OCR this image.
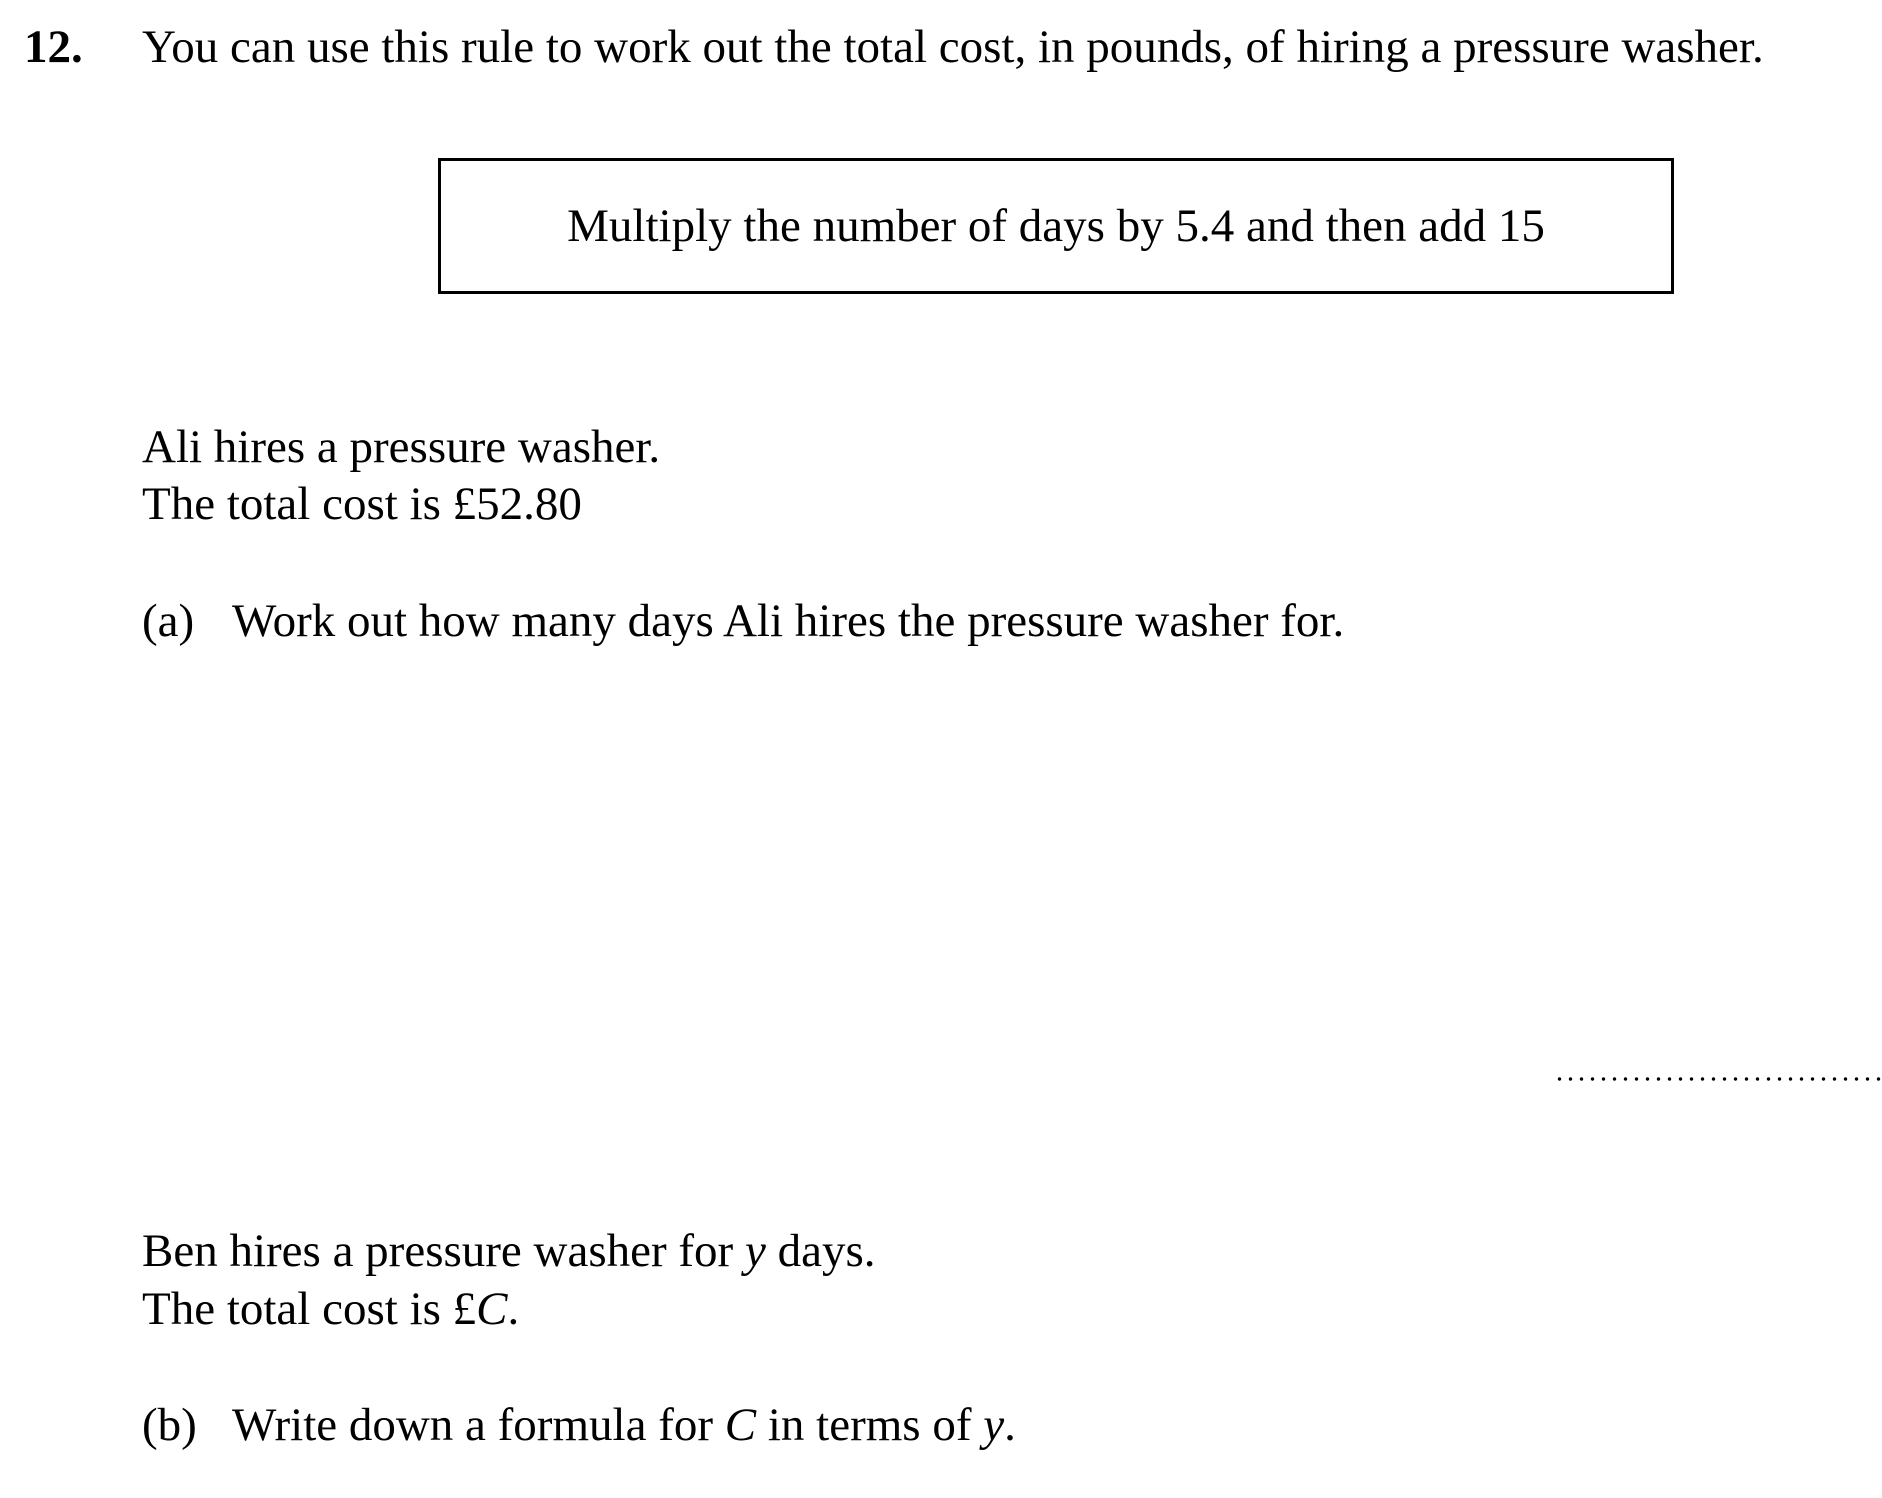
12. You can use this rule to work out the total cost, in pounds, of hiring a pressure washer.
Multiply the number of days by 5.4 and then add 15
Ali hires a pressure washer.
The total cost is £52.80
(a) Work out how many days Ali hires the pressure washer for.
Ben hires a pressure washer for y days.
The total cost is £C.
(b) Write down a formula for C in terms of y.
